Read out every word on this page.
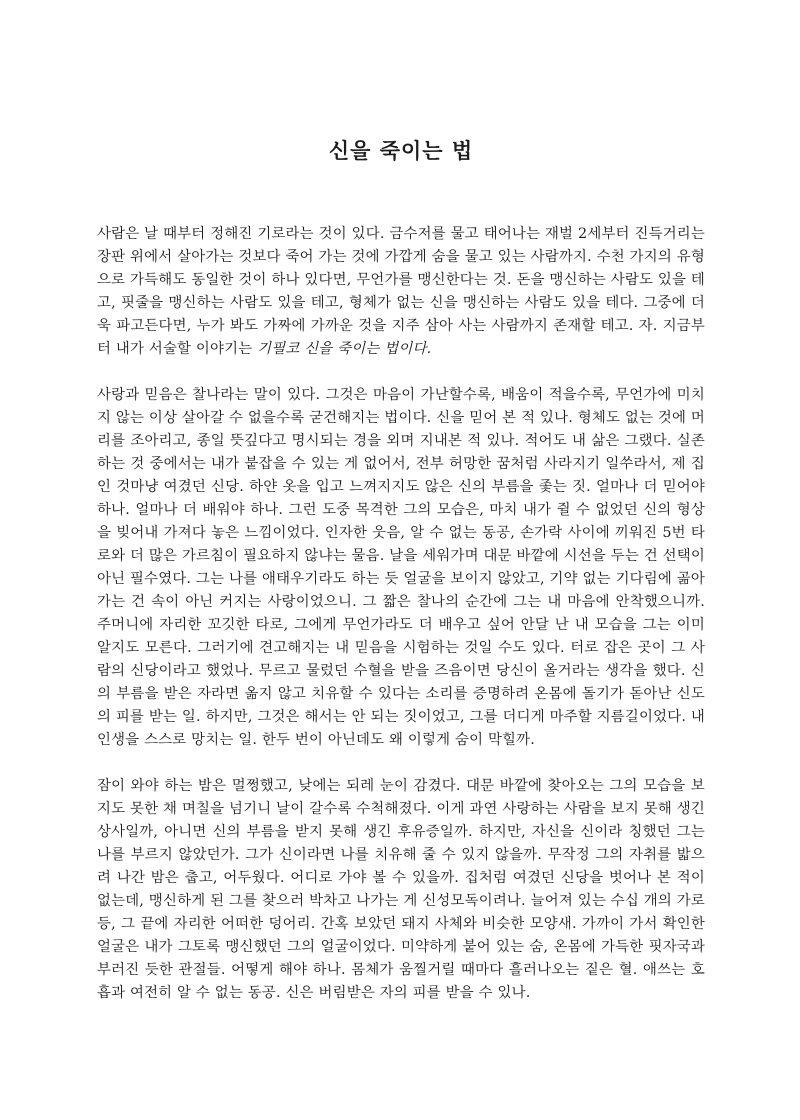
신을 죽이는 법

사람은 날 때부터 정해진 기로라는 것이 있다. 금수저를 물고 태어나는 재벌 2세부터 진득거리는 장판 위에서 살아가는 것보다 죽어 가는 것에 가깝게 숨을 물고 있는 사람까지. 수천 가지의 유형으로 가득해도 동일한 것이 하나 있다면, 무언가를 맹신한다는 것. 돈을 맹신하는 사람도 있을 테고, 핏줄을 맹신하는 사람도 있을 테고, 형체가 없는 신을 맹신하는 사람도 있을 테다. 그중에 더욱 파고든다면, 누가 봐도 가짜에 가까운 것을 지주 삼아 사는 사람까지 존재할 테고. 자. 지금부터 내가 서술할 이야기는 기필코 신을 죽이는 법이다.

사랑과 믿음은 찰나라는 말이 있다. 그것은 마음이 가난할수록, 배움이 적을수록, 무언가에 미치지 않는 이상 살아갈 수 없을수록 굳건해지는 법이다. 신을 믿어 본 적 있나. 형체도 없는 것에 머리를 조아리고, 종일 뜻깊다고 명시되는 경을 외며 지내본 적 있나. 적어도 내 삶은 그랬다. 실존하는 것 중에서는 내가 붙잡을 수 있는 게 없어서, 전부 허망한 꿈처럼 사라지기 일쑤라서, 제 집인 것마냥 여겼던 신당. 하얀 옷을 입고 느껴지지도 않은 신의 부름을 좇는 짓. 얼마나 더 믿어야 하나. 얼마나 더 배워야 하나. 그런 도중 목격한 그의 모습은, 마치 내가 쥘 수 없었던 신의 형상을 빚어내 가져다 놓은 느낌이었다. 인자한 웃음, 알 수 없는 동공, 손가락 사이에 끼워진 5번 타로와 더 많은 가르침이 필요하지 않냐는 물음. 날을 세워가며 대문 바깥에 시선을 두는 건 선택이 아닌 필수였다. 그는 나를 애태우기라도 하는 듯 얼굴을 보이지 않았고, 기약 없는 기다림에 곪아가는 건 속이 아닌 커지는 사랑이었으니. 그 짧은 찰나의 순간에 그는 내 마음에 안착했으니까. 주머니에 자리한 꼬깃한 타로, 그에게 무언가라도 더 배우고 싶어 안달 난 내 모습을 그는 이미 알지도 모른다. 그러기에 견고해지는 내 믿음을 시험하는 것일 수도 있다. 터로 잡은 곳이 그 사람의 신당이라고 했었나. 무르고 물렀던 수혈을 받을 즈음이면 당신이 올거라는 생각을 했다. 신의 부름을 받은 자라면 옮지 않고 치유할 수 있다는 소리를 증명하려 온몸에 돌기가 돋아난 신도의 피를 받는 일. 하지만, 그것은 해서는 안 되는 짓이었고, 그를 더디게 마주할 지름길이었다. 내 인생을 스스로 망치는 일. 한두 번이 아닌데도 왜 이렇게 숨이 막힐까.

잠이 와야 하는 밤은 멀쩡했고, 낮에는 되레 눈이 감겼다. 대문 바깥에 찾아오는 그의 모습을 보지도 못한 채 며칠을 넘기니 날이 갈수록 수척해졌다. 이게 과연 사랑하는 사람을 보지 못해 생긴 상사일까, 아니면 신의 부름을 받지 못해 생긴 후유증일까. 하지만, 자신을 신이라 칭했던 그는 나를 부르지 않았던가. 그가 신이라면 나를 치유해 줄 수 있지 않을까. 무작정 그의 자취를 밟으려 나간 밤은 춥고, 어두웠다. 어디로 가야 볼 수 있을까. 집처럼 여겼던 신당을 벗어나 본 적이 없는데, 맹신하게 된 그를 찾으러 박차고 나가는 게 신성모독이려나. 늘어져 있는 수십 개의 가로등, 그 끝에 자리한 어떠한 덩어리. 간혹 보았던 돼지 사체와 비슷한 모양새. 가까이 가서 확인한 얼굴은 내가 그토록 맹신했던 그의 얼굴이었다. 미약하게 붙어 있는 숨, 온몸에 가득한 핏자국과 부러진 듯한 관절들. 어떻게 해야 하나. 몸체가 움찔거릴 때마다 흘러나오는 짙은 혈. 애쓰는 호흡과 여전히 알 수 없는 동공. 신은 버림받은 자의 피를 받을 수 있나.
